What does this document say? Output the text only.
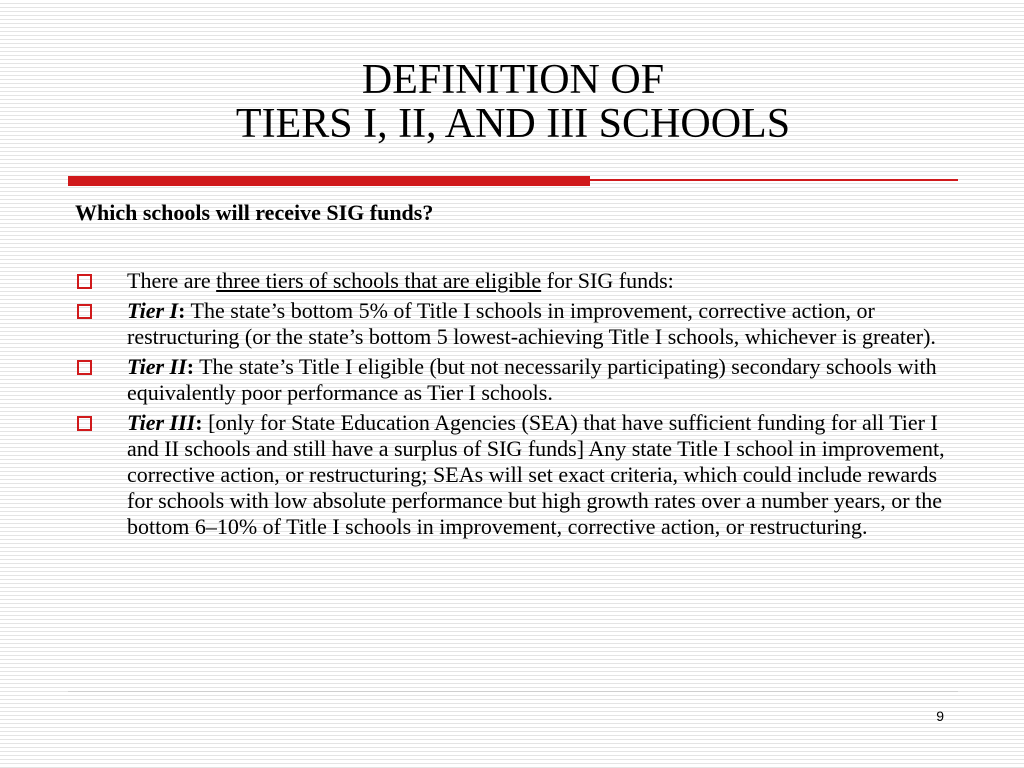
DEFINITION OF
TIERS I, II, AND III SCHOOLS

Which schools will receive SIG funds?

There are three tiers of schools that are eligible for SIG funds:
Tier I: The state’s bottom 5% of Title I schools in improvement, corrective action, or restructuring (or the state’s bottom 5 lowest-achieving Title I schools, whichever is greater).
Tier II: The state’s Title I eligible (but not necessarily participating) secondary schools with equivalently poor performance as Tier I schools.
Tier III: [only for State Education Agencies (SEA) that have sufficient funding for all Tier I and II schools and still have a surplus of SIG funds] Any state Title I school in improvement, corrective action, or restructuring; SEAs will set exact criteria, which could include rewards for schools with low absolute performance but high growth rates over a number years, or the bottom 6–10% of Title I schools in improvement, corrective action, or restructuring.
9
